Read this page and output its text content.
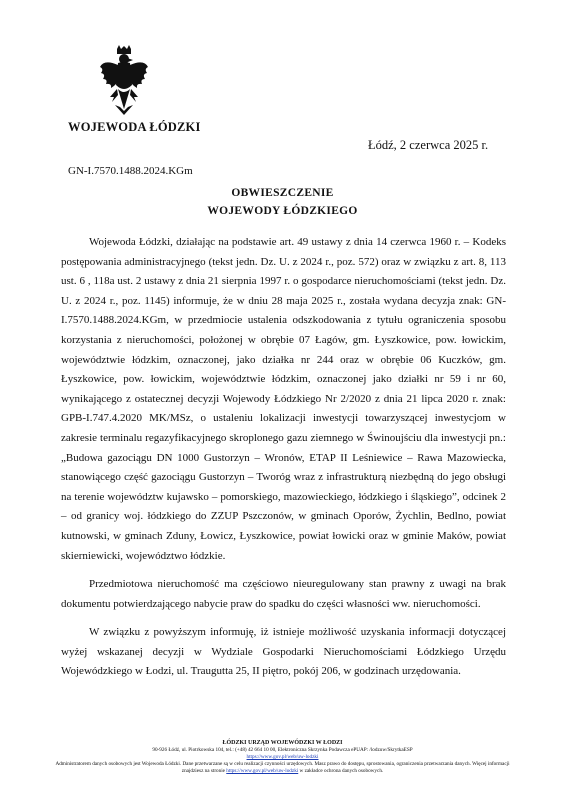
WOJEWODA ŁÓDZKI
Łódź, 2 czerwca 2025 r.
GN-I.7570.1488.2024.KGm
OBWIESZCZENIE
WOJEWODY ŁÓDZKIEGO

Wojewoda Łódzki, działając na podstawie art. 49 ustawy z dnia 14 czerwca 1960 r. – Kodeks postępowania administracyjnego (tekst jedn. Dz. U. z 2024 r., poz. 572) oraz w związku z art. 8, 113 ust. 6 , 118a ust. 2 ustawy z dnia 21 sierpnia 1997 r. o gospodarce nieruchomościami (tekst jedn. Dz. U. z 2024 r., poz. 1145) informuje, że w dniu 28 maja 2025 r., została wydana decyzja znak: GN-I.7570.1488.2024.KGm, w przedmiocie ustalenia odszkodowania z tytułu ograniczenia sposobu korzystania z nieruchomości, położonej w obrębie 07 Łagów, gm. Łyszkowice, pow. łowickim, województwie łódzkim, oznaczonej, jako działka nr 244 oraz w obrębie 06 Kuczków, gm. Łyszkowice, pow. łowickim, województwie łódzkim, oznaczonej jako działki nr 59 i nr 60, wynikającego z ostatecznej decyzji Wojewody Łódzkiego Nr 2/2020 z dnia 21 lipca 2020 r. znak: GPB-I.747.4.2020 MK/MSz, o ustaleniu lokalizacji inwestycji towarzyszącej inwestycjom w zakresie terminalu regazyfikacyjnego skroplonego gazu ziemnego w Świnoujściu dla inwestycji pn.: „Budowa gazociągu DN 1000 Gustorzyn – Wronów, ETAP II Leśniewice – Rawa Mazowiecka, stanowiącego część gazociągu Gustorzyn – Tworóg wraz z infrastrukturą niezbędną do jego obsługi na terenie województw kujawsko – pomorskiego, mazowieckiego, łódzkiego i śląskiego”, odcinek 2 – od granicy woj. łódzkiego do ZZUP Pszczonów, w gminach Oporów, Żychlin, Bedlno, powiat kutnowski, w gminach Zduny, Łowicz, Łyszkowice, powiat łowicki oraz w gminie Maków, powiat skierniewicki, województwo łódzkie.

Przedmiotowa nieruchomość ma częściowo nieuregulowany stan prawny z uwagi na brak dokumentu potwierdzającego nabycie praw do spadku do części własności ww. nieruchomości.

W związku z powyższym informuję, iż istnieje możliwość uzyskania informacji dotyczącej wyżej wskazanej decyzji w Wydziale Gospodarki Nieruchomościami Łódzkiego Urzędu Wojewódzkiego w Łodzi, ul. Traugutta 25, II piętro, pokój 206, w godzinach urzędowania.

ŁÓDZKI URZĄD WOJEWÓDZKI W ŁODZI
90-926 Łódź, ul. Piotrkowska 104, tel.: (+48) 42 664 10 00, Elektroniczna Skrzynka Podawcza ePUAP: /lodzuw/SkrytkaESP
https://www.gov.pl/web/uw-lodzki
Administratorem danych osobowych jest Wojewoda Łódzki. Dane przetwarzane są w celu realizacji czynności urzędowych. Masz prawo do dostępu, sprostowania, ograniczenia przetwarzania danych. Więcej informacji znajdziesz na stronie https://www.gov.pl/web/uw-lodzki w zakładce ochrona danych osobowych.
